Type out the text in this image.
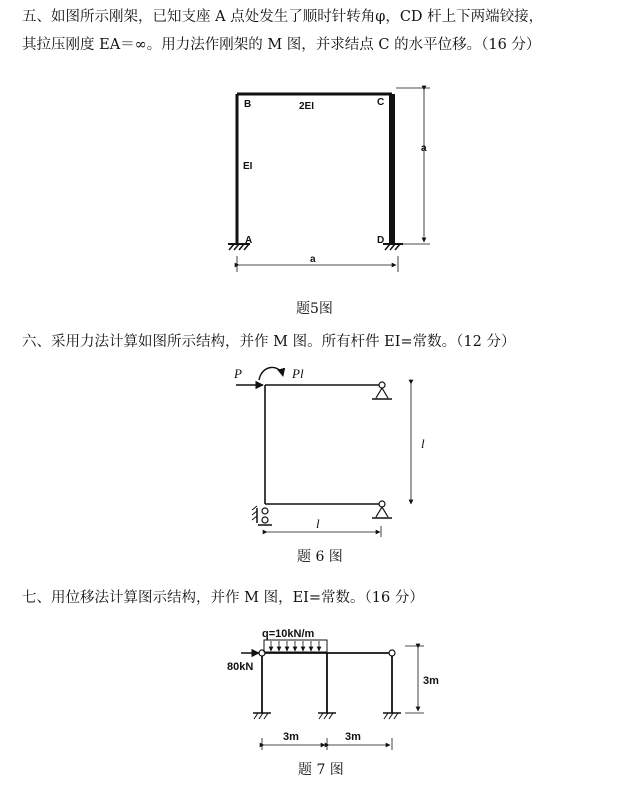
五、如图所示刚架，已知支座 A 点处发生了顺时针转角φ，CD 杆上下两端铰接，
其拉压刚度 EA＝∞。用力法作刚架的 M 图，并求结点 C 的水平位移。（16 分）
六、采用力法计算如图所示结构，并作 M 图。所有杆件 EI=常数。（12 分）
七、用位移法计算图示结构，并作 M 图，EI=常数。（16 分）
题5图
题 6 图
题 7 图
B	C
2EI
EI
A	D
a
a
P	Pl
l
l
q=10kN/m
80kN
3m
3m	3m
